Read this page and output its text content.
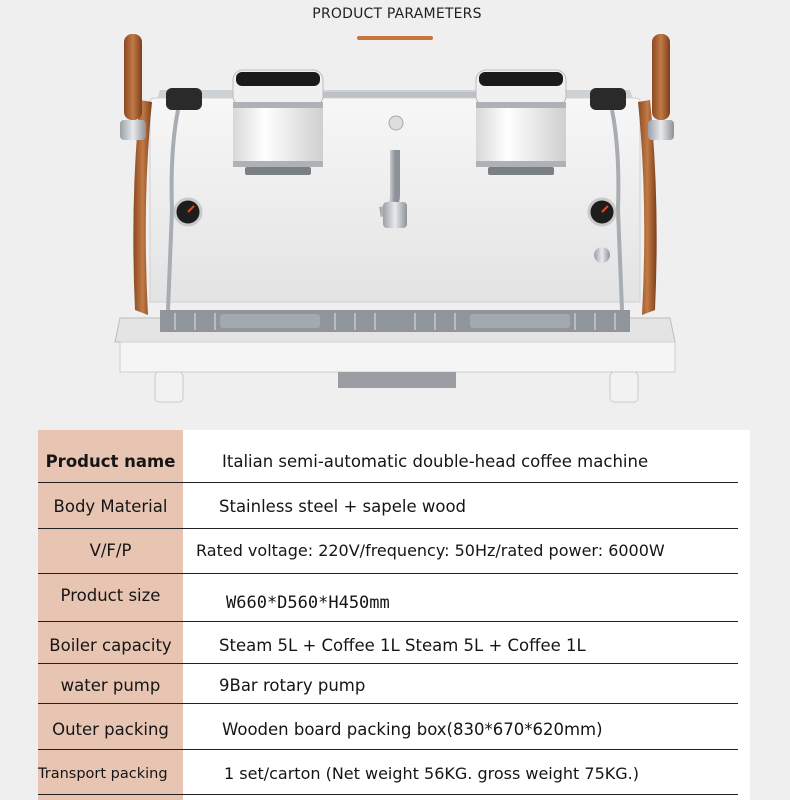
PRODUCT PARAMETERS
Product name	Italian semi-automatic double-head coffee machine
Body Material	Stainless steel + sapele wood
V/F/P	Rated voltage: 220V/frequency: 50Hz/rated power: 6000W
Product size	W660*D560*H450mm
Boiler capacity	Steam 5L + Coffee 1L Steam 5L + Coffee 1L
water pump	9Bar rotary pump
Outer packing	Wooden board packing box(830*670*620mm)
Transport packing	1 set/carton (Net weight 56KG. gross weight 75KG.)
